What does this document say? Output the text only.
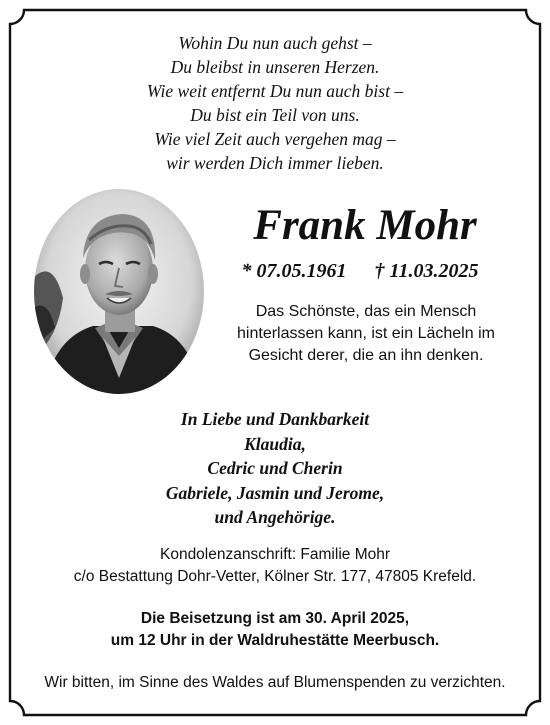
Wohin Du nun auch gehst –
Du bleibst in unseren Herzen.
Wie weit entfernt Du nun auch bist –
Du bist ein Teil von uns.
Wie viel Zeit auch vergehen mag –
wir werden Dich immer lieben.
Frank Mohr
* 07.05.1961 † 11.03.2025
Das Schönste, das ein Mensch
hinterlassen kann, ist ein Lächeln im
Gesicht derer, die an ihn denken.
In Liebe und Dankbarkeit
Klaudia,
Cedric und Cherin
Gabriele, Jasmin und Jerome,
und Angehörige.
Kondolenzanschrift: Familie Mohr
c/o Bestattung Dohr-Vetter, Kölner Str. 177, 47805 Krefeld.
Die Beisetzung ist am 30. April 2025,
um 12 Uhr in der Waldruhestätte Meerbusch.
Wir bitten, im Sinne des Waldes auf Blumenspenden zu verzichten.
